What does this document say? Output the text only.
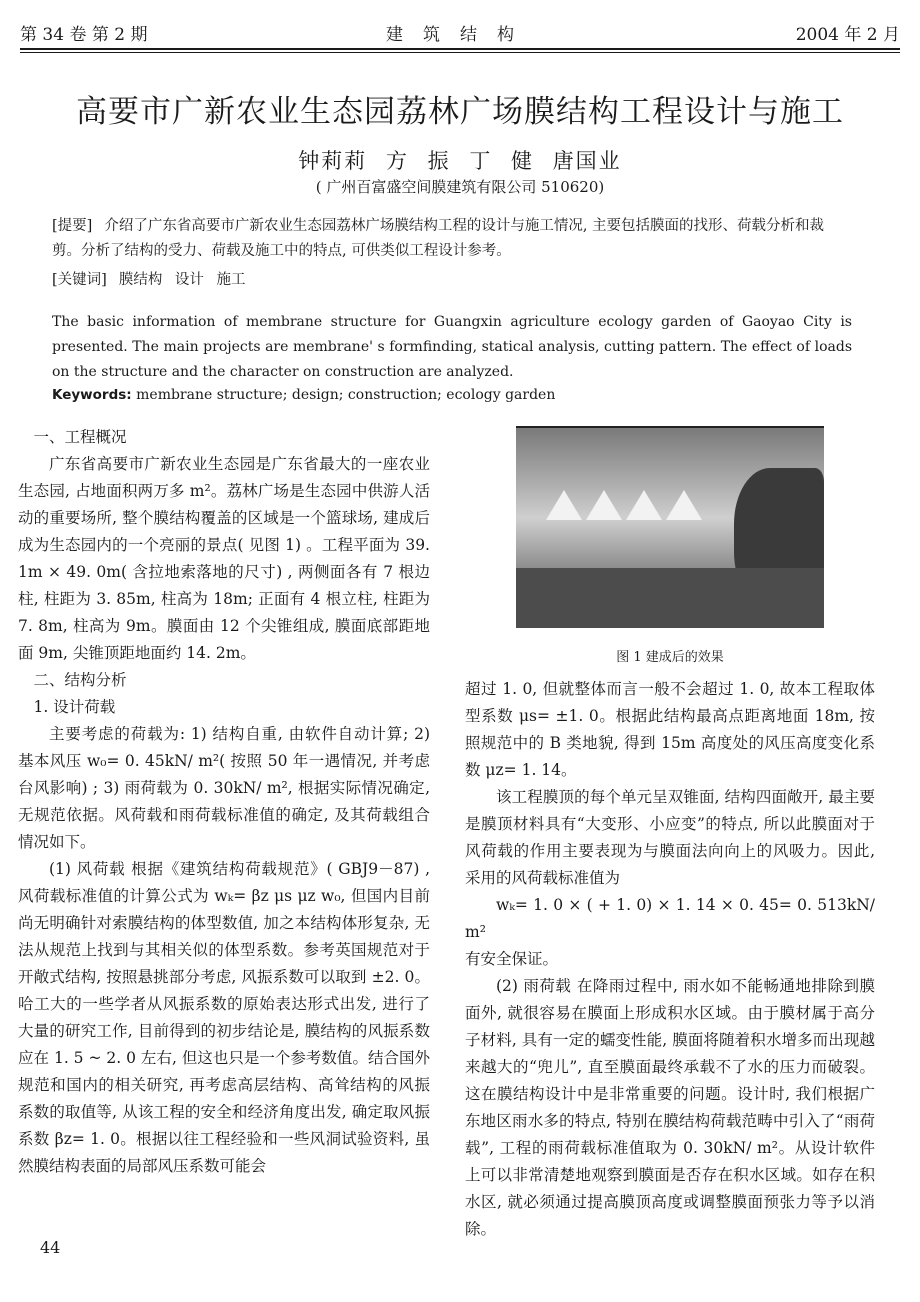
第 34 卷 第 2 期	建筑结构	2004 年 2 月
高要市广新农业生态园荔林广场膜结构工程设计与施工
钟莉莉 方 振 丁 健 唐国业
( 广州百富盛空间膜建筑有限公司 510620)
[提要] 介绍了广东省高要市广新农业生态园荔林广场膜结构工程的设计与施工情况, 主要包括膜面的找形、荷载分析和裁剪。分析了结构的受力、荷载及施工中的特点, 可供类似工程设计参考。
[关键词] 膜结构 设计 施工
The basic information of membrane structure for Guangxin agriculture ecology garden of Gaoyao City is presented. The main projects are membrane' s formfinding, statical analysis, cutting pattern. The effect of loads on the structure and the character on construction are analyzed.
Keywords: membrane structure; design; construction; ecology garden

一、工程概况

广东省高要市广新农业生态园是广东省最大的一座农业生态园, 占地面积两万多 m²。荔林广场是生态园中供游人活动的重要场所, 整个膜结构覆盖的区域是一个篮球场, 建成后成为生态园内的一个亮丽的景点( 见图 1) 。工程平面为 39. 1m × 49. 0m( 含拉地索落地的尺寸) , 两侧面各有 7 根边柱, 柱距为 3. 85m, 柱高为 18m; 正面有 4 根立柱, 柱距为 7. 8m, 柱高为 9m。膜面由 12 个尖锥组成, 膜面底部距地面 9m, 尖锥顶距地面约 14. 2m。

二、结构分析

1. 设计荷载

主要考虑的荷载为: 1) 结构自重, 由软件自动计算; 2) 基本风压 w₀= 0. 45kN/ m²( 按照 50 年一遇情况, 并考虑台风影响) ; 3) 雨荷载为 0. 30kN/ m², 根据实际情况确定, 无规范依据。风荷载和雨荷载标准值的确定, 及其荷载组合情况如下。

(1) 风荷载 根据《建筑结构荷载规范》( GBJ9－87) , 风荷载标准值的计算公式为 wₖ= βz μs μz w₀, 但国内目前尚无明确针对索膜结构的体型数值, 加之本结构体形复杂, 无法从规范上找到与其相关似的体型系数。参考英国规范对于开敞式结构, 按照悬挑部分考虑, 风振系数可以取到 ±2. 0。哈工大的一些学者从风振系数的原始表达形式出发, 进行了大量的研究工作, 目前得到的初步结论是, 膜结构的风振系数应在 1. 5 ~ 2. 0 左右, 但这也只是一个参考数值。结合国外规范和国内的相关研究, 再考虑高层结构、高耸结构的风振系数的取值等, 从该工程的安全和经济角度出发, 确定取风振系数 βz= 1. 0。根据以往工程经验和一些风洞试验资料, 虽然膜结构表面的局部风压系数可能会

图 1 建成后的效果

超过 1. 0, 但就整体而言一般不会超过 1. 0, 故本工程取体型系数 μs= ±1. 0。根据此结构最高点距离地面 18m, 按照规范中的 B 类地貌, 得到 15m 高度处的风压高度变化系数 μz= 1. 14。

该工程膜顶的每个单元呈双锥面, 结构四面敞开, 最主要是膜顶材料具有“大变形、小应变”的特点, 所以此膜面对于风荷载的作用主要表现为与膜面法向向上的风吸力。因此, 采用的风荷载标准值为

wₖ= 1. 0 × ( + 1. 0) × 1. 14 × 0. 45= 0. 513kN/ m²

有安全保证。

(2) 雨荷载 在降雨过程中, 雨水如不能畅通地排除到膜面外, 就很容易在膜面上形成积水区域。由于膜材属于高分子材料, 具有一定的蠕变性能, 膜面将随着积水增多而出现越来越大的“兜儿”, 直至膜面最终承载不了水的压力而破裂。这在膜结构设计中是非常重要的问题。设计时, 我们根据广东地区雨水多的特点, 特别在膜结构荷载范畴中引入了“雨荷载”, 工程的雨荷载标准值取为 0. 30kN/ m²。从设计软件上可以非常清楚地观察到膜面是否存在积水区域。如存在积水区, 就必须通过提高膜顶高度或调整膜面预张力等予以消除。

44
